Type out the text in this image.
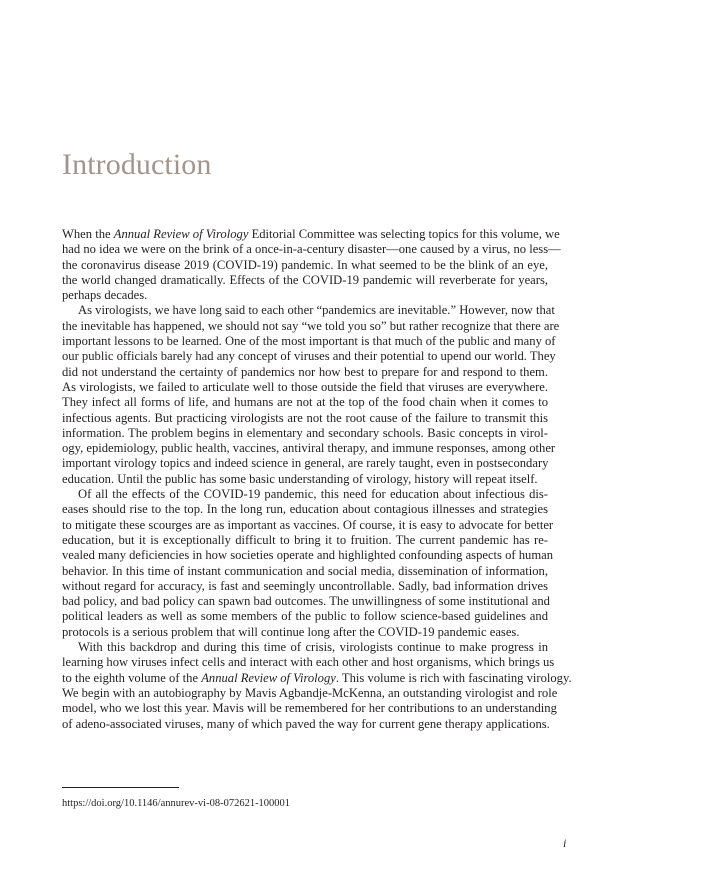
Introduction
When the Annual Review of Virology Editorial Committee was selecting topics for this volume, we
had no idea we were on the brink of a once-in-a-century disaster—one caused by a virus, no less—
the coronavirus disease 2019 (COVID-19) pandemic. In what seemed to be the blink of an eye,
the world changed dramatically. Effects of the COVID-19 pandemic will reverberate for years,
perhaps decades.
As virologists, we have long said to each other “pandemics are inevitable.” However, now that
the inevitable has happened, we should not say “we told you so” but rather recognize that there are
important lessons to be learned. One of the most important is that much of the public and many of
our public officials barely had any concept of viruses and their potential to upend our world. They
did not understand the certainty of pandemics nor how best to prepare for and respond to them.
As virologists, we failed to articulate well to those outside the field that viruses are everywhere.
They infect all forms of life, and humans are not at the top of the food chain when it comes to
infectious agents. But practicing virologists are not the root cause of the failure to transmit this
information. The problem begins in elementary and secondary schools. Basic concepts in virol-
ogy, epidemiology, public health, vaccines, antiviral therapy, and immune responses, among other
important virology topics and indeed science in general, are rarely taught, even in postsecondary
education. Until the public has some basic understanding of virology, history will repeat itself.
Of all the effects of the COVID-19 pandemic, this need for education about infectious dis-
eases should rise to the top. In the long run, education about contagious illnesses and strategies
to mitigate these scourges are as important as vaccines. Of course, it is easy to advocate for better
education, but it is exceptionally difficult to bring it to fruition. The current pandemic has re-
vealed many deficiencies in how societies operate and highlighted confounding aspects of human
behavior. In this time of instant communication and social media, dissemination of information,
without regard for accuracy, is fast and seemingly uncontrollable. Sadly, bad information drives
bad policy, and bad policy can spawn bad outcomes. The unwillingness of some institutional and
political leaders as well as some members of the public to follow science-based guidelines and
protocols is a serious problem that will continue long after the COVID-19 pandemic eases.
With this backdrop and during this time of crisis, virologists continue to make progress in
learning how viruses infect cells and interact with each other and host organisms, which brings us
to the eighth volume of the Annual Review of Virology. This volume is rich with fascinating virology.
We begin with an autobiography by Mavis Agbandje-McKenna, an outstanding virologist and role
model, who we lost this year. Mavis will be remembered for her contributions to an understanding
of adeno-associated viruses, many of which paved the way for current gene therapy applications.
https://doi.org/10.1146/annurev-vi-08-072621-100001
i
